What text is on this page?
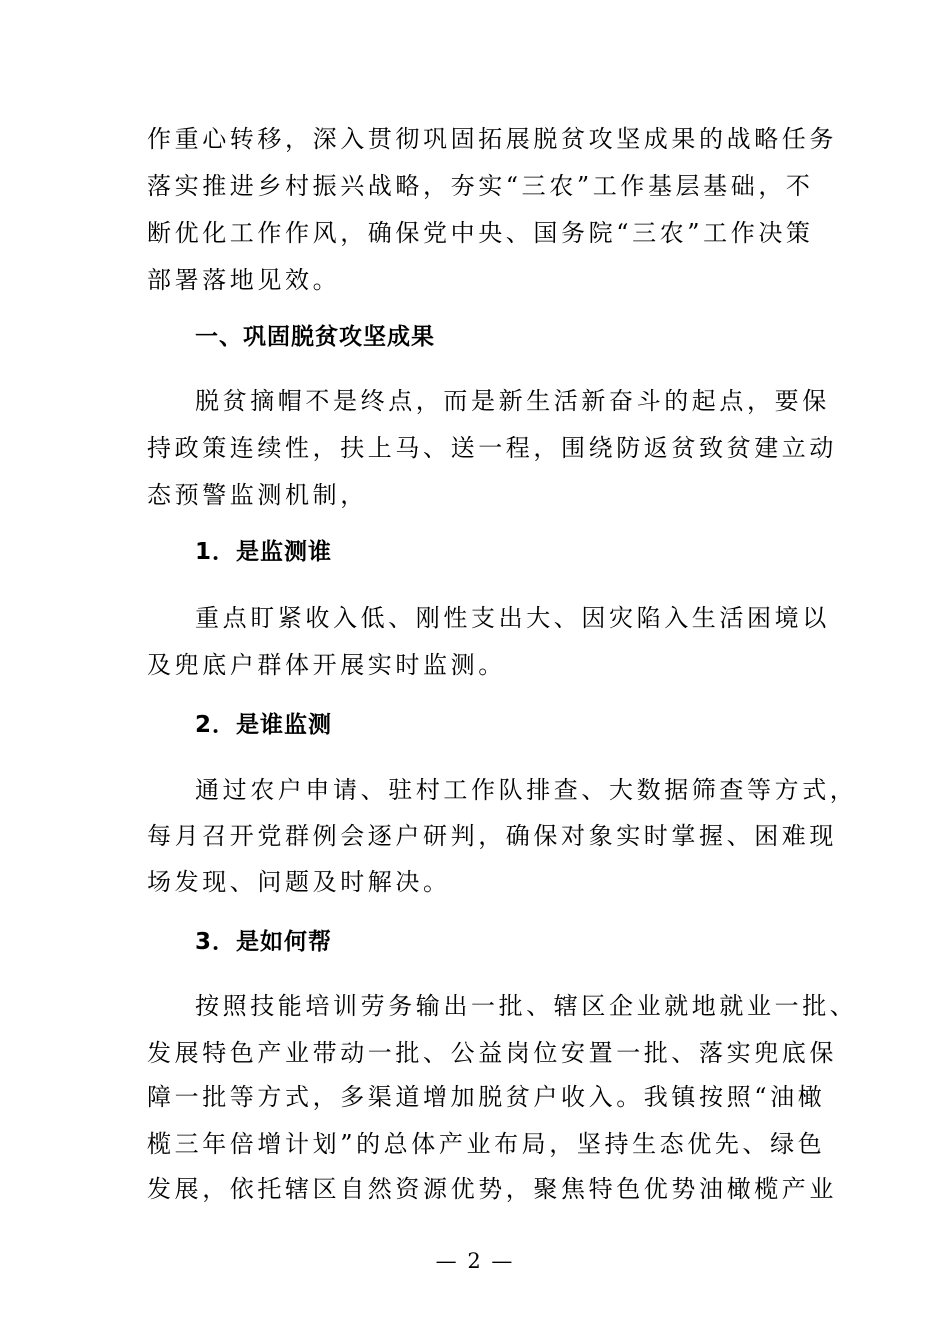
作重心转移，深入贯彻巩固拓展脱贫攻坚成果的战略任务
落实推进乡村振兴战略，夯实“三农”工作基层基础，不
断优化工作作风，确保党中央、国务院“三农”工作决策
部署落地见效。
一、巩固脱贫攻坚成果
脱贫摘帽不是终点，而是新生活新奋斗的起点，要保
持政策连续性，扶上马、送一程，围绕防返贫致贫建立动
态预警监测机制，
1．是监测谁
重点盯紧收入低、刚性支出大、因灾陷入生活困境以
及兜底户群体开展实时监测。
2．是谁监测
通过农户申请、驻村工作队排查、大数据筛查等方式，
每月召开党群例会逐户研判，确保对象实时掌握、困难现
场发现、问题及时解决。
3．是如何帮
按照技能培训劳务输出一批、辖区企业就地就业一批、
发展特色产业带动一批、公益岗位安置一批、落实兜底保
障一批等方式，多渠道增加脱贫户收入。我镇按照“油橄
榄三年倍增计划”的总体产业布局，坚持生态优先、绿色
发展，依托辖区自然资源优势，聚焦特色优势油橄榄产业
— 2 —
